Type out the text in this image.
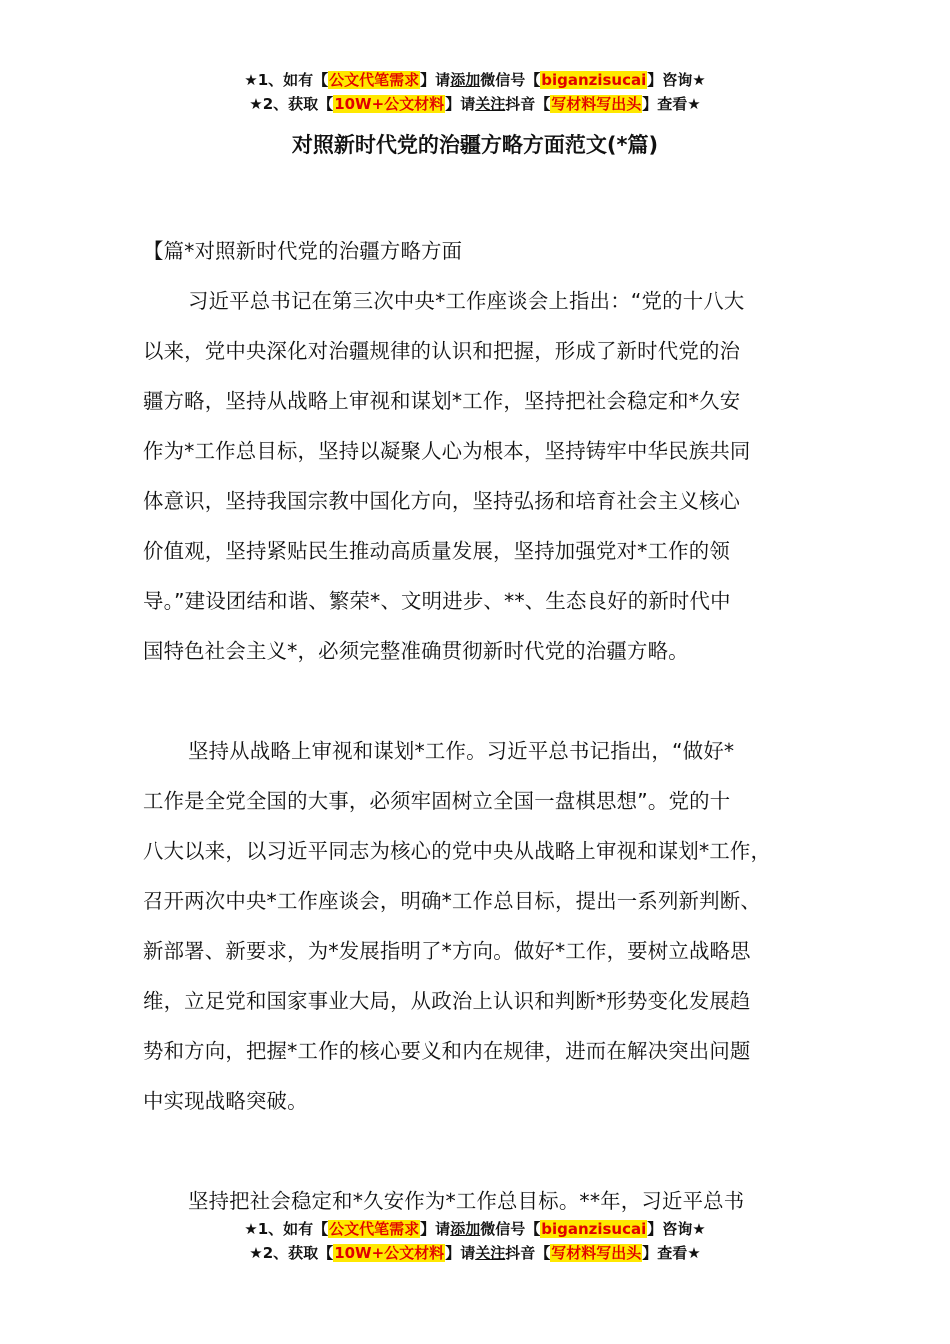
★1、如有【公文代笔需求】请添加微信号【biganzisucai】咨询★
★2、获取【10W+公文材料】请关注抖音【写材料写出头】查看★
对照新时代党的治疆方略方面范文(*篇)
【篇*对照新时代党的治疆方略方面
习近平总书记在第三次中央*工作座谈会上指出：“党的十八大
以来，党中央深化对治疆规律的认识和把握，形成了新时代党的治
疆方略，坚持从战略上审视和谋划*工作，坚持把社会稳定和*久安
作为*工作总目标，坚持以凝聚人心为根本，坚持铸牢中华民族共同
体意识，坚持我国宗教中国化方向，坚持弘扬和培育社会主义核心
价值观，坚持紧贴民生推动高质量发展，坚持加强党对*工作的领
导。”建设团结和谐、繁荣*、文明进步、**、生态良好的新时代中
国特色社会主义*，必须完整准确贯彻新时代党的治疆方略。
坚持从战略上审视和谋划*工作。习近平总书记指出，“做好*
工作是全党全国的大事，必须牢固树立全国一盘棋思想”。党的十
八大以来，以习近平同志为核心的党中央从战略上审视和谋划*工作，
召开两次中央*工作座谈会，明确*工作总目标，提出一系列新判断、
新部署、新要求，为*发展指明了*方向。做好*工作，要树立战略思
维，立足党和国家事业大局，从政治上认识和判断*形势变化发展趋
势和方向，把握*工作的核心要义和内在规律，进而在解决突出问题
中实现战略突破。
坚持把社会稳定和*久安作为*工作总目标。**年，习近平总书
★1、如有【公文代笔需求】请添加微信号【biganzisucai】咨询★
★2、获取【10W+公文材料】请关注抖音【写材料写出头】查看★
